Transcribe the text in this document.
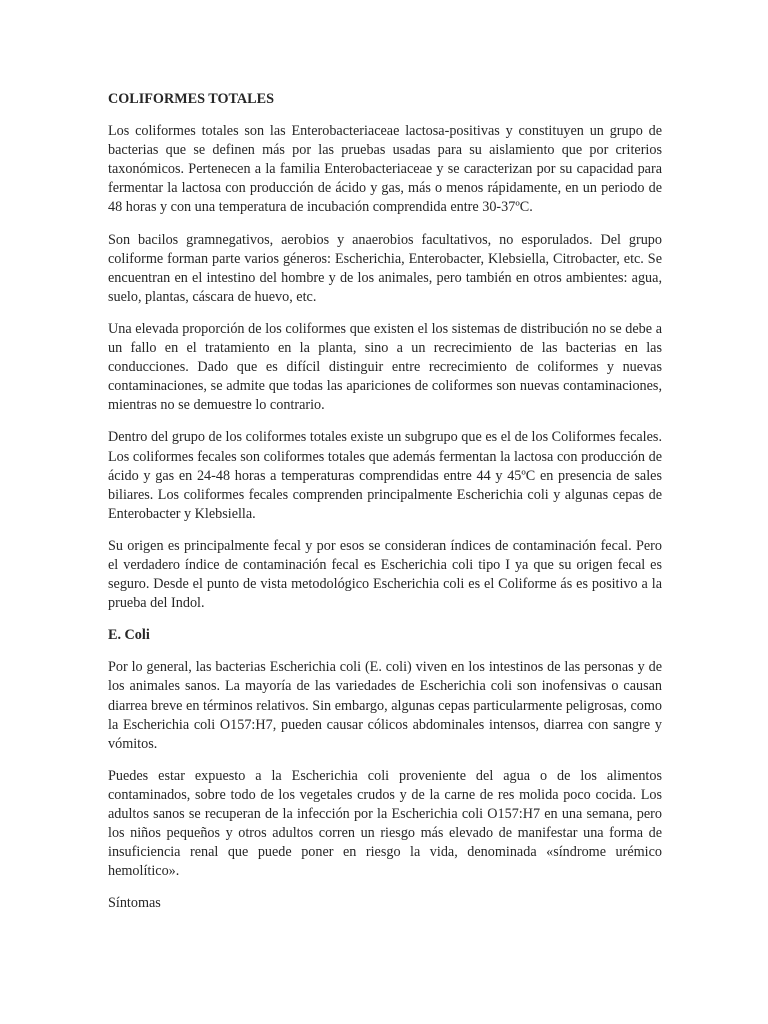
COLIFORMES TOTALES

Los coliformes totales son las Enterobacteriaceae lactosa-positivas y constituyen un grupo de bacterias que se definen más por las pruebas usadas para su aislamiento que por criterios taxonómicos. Pertenecen a la familia Enterobacteriaceae y se caracterizan por su capacidad para fermentar la lactosa con producción de ácido y gas, más o menos rápidamente, en un periodo de 48 horas y con una temperatura de incubación comprendida entre 30-37ºC.

Son bacilos gramnegativos, aerobios y anaerobios facultativos, no esporulados. Del grupo coliforme forman parte varios géneros: Escherichia, Enterobacter, Klebsiella, Citrobacter, etc. Se encuentran en el intestino del hombre y de los animales, pero también en otros ambientes: agua, suelo, plantas, cáscara de huevo, etc.

Una elevada proporción de los coliformes que existen el los sistemas de distribución no se debe a un fallo en el tratamiento en la planta, sino a un recrecimiento de las bacterias en las conducciones. Dado que es difícil distinguir entre recrecimiento de coliformes y nuevas contaminaciones, se admite que todas las apariciones de coliformes son nuevas contaminaciones, mientras no se demuestre lo contrario.

Dentro del grupo de los coliformes totales existe un subgrupo que es el de los Coliformes fecales. Los coliformes fecales son coliformes totales que además fermentan la lactosa con producción de ácido y gas en 24-48 horas a temperaturas comprendidas entre 44 y 45ºC en presencia de sales biliares. Los coliformes fecales comprenden principalmente Escherichia coli y algunas cepas de Enterobacter y Klebsiella.

Su origen es principalmente fecal y por esos se consideran índices de contaminación fecal. Pero el verdadero índice de contaminación fecal es Escherichia coli tipo I ya que su origen fecal es seguro. Desde el punto de vista metodológico Escherichia coli es el Coliforme ás es positivo a la prueba del Indol.

E. Coli

Por lo general, las bacterias Escherichia coli (E. coli) viven en los intestinos de las personas y de los animales sanos. La mayoría de las variedades de Escherichia coli son inofensivas o causan diarrea breve en términos relativos. Sin embargo, algunas cepas particularmente peligrosas, como la Escherichia coli O157:H7, pueden causar cólicos abdominales intensos, diarrea con sangre y vómitos.

Puedes estar expuesto a la Escherichia coli proveniente del agua o de los alimentos contaminados, sobre todo de los vegetales crudos y de la carne de res molida poco cocida. Los adultos sanos se recuperan de la infección por la Escherichia coli O157:H7 en una semana, pero los niños pequeños y otros adultos corren un riesgo más elevado de manifestar una forma de insuficiencia renal que puede poner en riesgo la vida, denominada «síndrome urémico hemolítico».

Síntomas
